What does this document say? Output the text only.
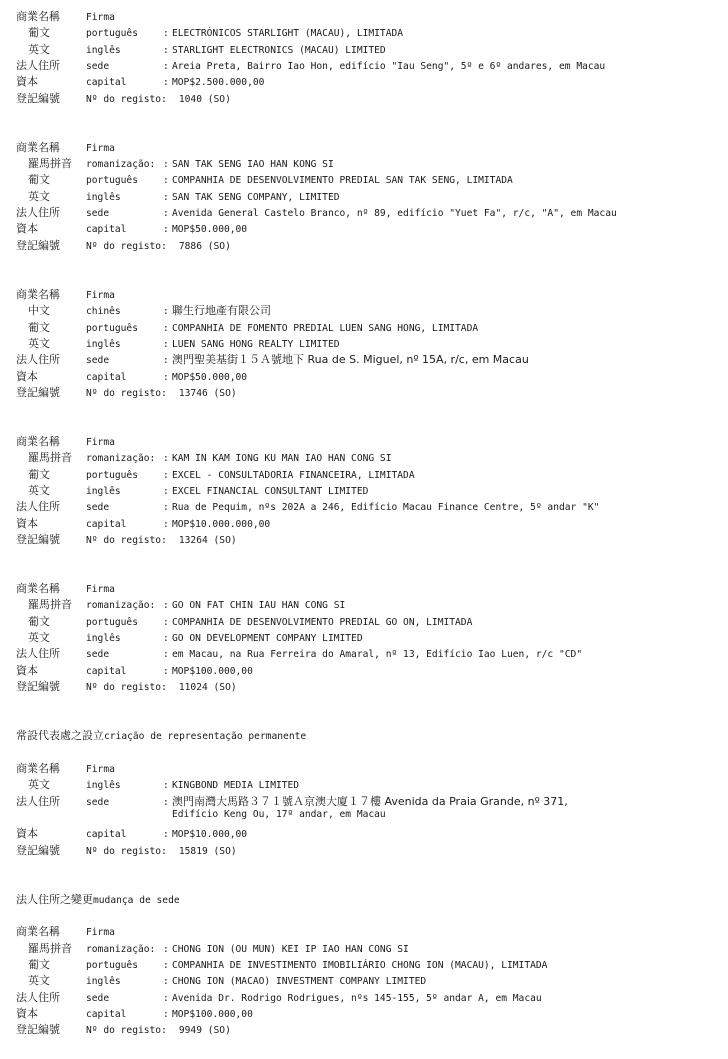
商業名稱	Firma
葡文	português	: ELECTRÓNICOS STARLIGHT (MACAU), LIMITADA
英文	inglês	: STARLIGHT ELECTRONICS (MACAU) LIMITED
法人住所	sede	: Areia Preta, Bairro Iao Hon, edifício "Iau Seng", 5º e 6º andares, em Macau
資本	capital	: MOP$2.500.000,00
登記編號	Nº do registo: 1040 (SO)
商業名稱	Firma
羅馬拼音	romanização: : SAN TAK SENG IAO HAN KONG SI
葡文	português	: COMPANHIA DE DESENVOLVIMENTO PREDIAL SAN TAK SENG, LIMITADA
英文	inglês	: SAN TAK SENG COMPANY, LIMITED
法人住所	sede	: Avenida General Castelo Branco, nº 89, edifício "Yuet Fa", r/c, "A", em Macau
資本	capital	: MOP$50.000,00
登記編號	Nº do registo: 7886 (SO)
商業名稱	Firma
中文	chinês	: 聯生行地產有限公司
葡文	português	: COMPANHIA DE FOMENTO PREDIAL LUEN SANG HONG, LIMITADA
英文	inglês	: LUEN SANG HONG REALTY LIMITED
法人住所	sede	: 澳門聖美基街１５Ａ號地下 Rua de S. Miguel, nº 15A, r/c, em Macau
資本	capital	: MOP$50.000,00
登記編號	Nº do registo: 13746 (SO)
商業名稱	Firma
羅馬拼音	romanização: : KAM IN KAM IONG KU MAN IAO HAN CONG SI
葡文	português	: EXCEL - CONSULTADORIA FINANCEIRA, LIMITADA
英文	inglês	: EXCEL FINANCIAL CONSULTANT LIMITED
法人住所	sede	: Rua de Pequim, nºs 202A a 246, Edifício Macau Finance Centre, 5º andar "K"
資本	capital	: MOP$10.000.000,00
登記編號	Nº do registo: 13264 (SO)
商業名稱	Firma
羅馬拼音	romanização: : GO ON FAT CHIN IAU HAN CONG SI
葡文	português	: COMPANHIA DE DESENVOLVIMENTO PREDIAL GO ON, LIMITADA
英文	inglês	: GO ON DEVELOPMENT COMPANY LIMITED
法人住所	sede	: em Macau, na Rua Ferreira do Amaral, nº 13, Edifício Iao Luen, r/c "CD"
資本	capital	: MOP$100.000,00
登記編號	Nº do registo: 11024 (SO)
常設代表處之設立 criação de representação permanente
商業名稱	Firma
英文	inglês	: KINGBOND MEDIA LIMITED
法人住所	sede	: 澳門南灣大馬路３７１號Ａ京澳大廈１７樓 Avenida da Praia Grande, nº 371,
Edifício Keng Ou, 17º andar, em Macau
資本	capital	: MOP$10.000,00
登記編號	Nº do registo: 15819 (SO)
法人住所之變更 mudança de sede
商業名稱	Firma
羅馬拼音	romanização: : CHONG ION (OU MUN) KEI IP IAO HAN CONG SI
葡文	português	: COMPANHIA DE INVESTIMENTO IMOBILIÁRIO CHONG ION (MACAU), LIMITADA
英文	inglês	: CHONG ION (MACAO) INVESTMENT COMPANY LIMITED
法人住所	sede	: Avenida Dr. Rodrigo Rodrigues, nºs 145-155, 5º andar A, em Macau
資本	capital	: MOP$100.000,00
登記編號	Nº do registo: 9949 (SO)
